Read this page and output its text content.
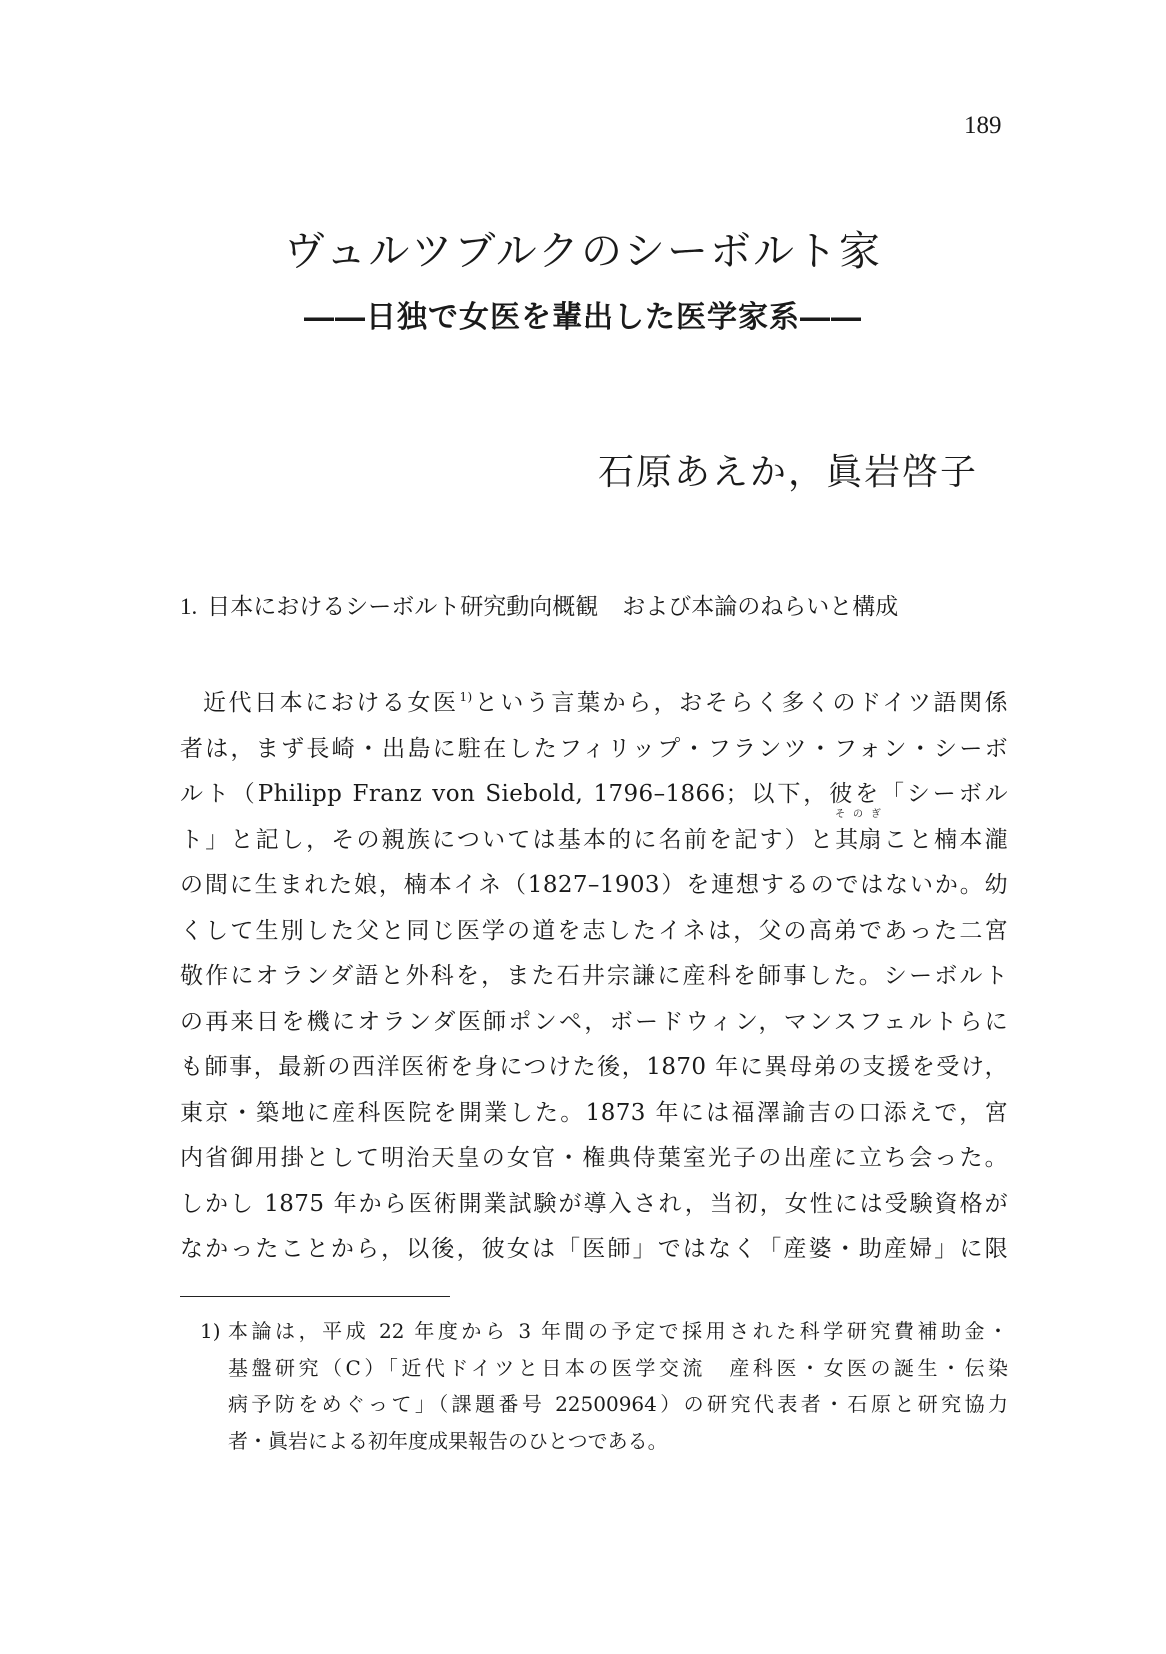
189
ヴュルツブルクのシーボルト家
――日独で女医を輩出した医学家系――
石原あえか，眞岩啓子
1. 日本におけるシーボルト研究動向概観 および本論のねらいと構成
近代日本における女医$^{1)}$という言葉から，おそらく多くのドイツ語関係
者は，まず長崎・出島に駐在したフィリップ・フランツ・フォン・シーボ
ルト（Philipp Franz von Siebold, 1796–1866；以下，彼を「シーボル
ト」と記し，その親族については基本的に名前を記す）と
そのぎ
其扇こと楠本瀧
の間に生まれた娘，楠本イネ（1827–1903）を連想するのではないか。幼
くして生別した父と同じ医学の道を志したイネは，父の高弟であった二宮
敬作にオランダ語と外科を，また石井宗謙に産科を師事した。シーボルト
の再来日を機にオランダ医師ポンペ，ボードウィン，マンスフェルトらに
も師事，最新の西洋医術を身につけた後，1870 年に異母弟の支援を受け，
東京・築地に産科医院を開業した。1873 年には福澤諭吉の口添えで，宮
内省御用掛として明治天皇の女官・権典侍葉室光子の出産に立ち会った。
しかし 1875 年から医術開業試験が導入され，当初，女性には受験資格が
なかったことから，以後，彼女は「医師」ではなく「産婆・助産婦」に限
1) 本論は，平成 22 年度から 3 年間の予定で採用された科学研究費補助金・
基盤研究（C）「近代ドイツと日本の医学交流　産科医・女医の誕生・伝染
病予防をめぐって」（課題番号 22500964）の研究代表者・石原と研究協力
者・眞岩による初年度成果報告のひとつである。
